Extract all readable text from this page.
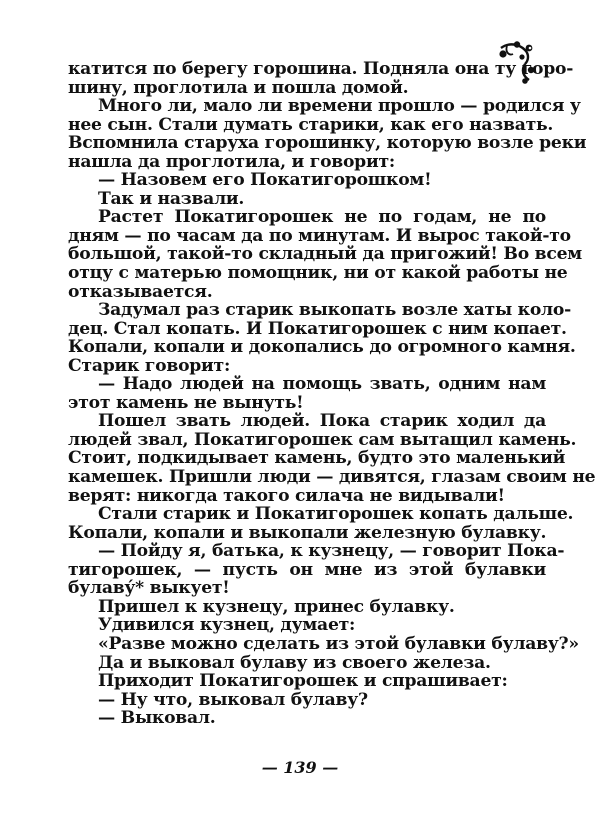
катится по берегу горошина. Подняла она ту горо-
шину, проглотила и пошла домой.
Много ли, мало ли времени прошло — родился у
нее сын. Стали думать старики, как его назвать.
Вспомнила старуха горошинку, которую возле реки
нашла да проглотила, и говорит:
— Назовем его Покатигорошком!
Так и назвали.
Растет Покатигорошек не по годам, не по
дням — по часам да по минутам. И вырос такой-то
большой, такой-то складный да пригожий! Во всем
отцу с матерью помощник, ни от какой работы не
отказывается.
Задумал раз старик выкопать возле хаты коло-
дец. Стал копать. И Покатигорошек с ним копает.
Копали, копали и докопались до огромного камня.
Старик говорит:
— Надо людей на помощь звать, одним нам
этот камень не вынуть!
Пошел звать людей. Пока старик ходил да
людей звал, Покатигорошек сам вытащил камень.
Стоит, подкидывает камень, будто это маленький
камешек. Пришли люди — дивятся, глазам своим не
верят: никогда такого силача не видывали!
Стали старик и Покатигорошек копать дальше.
Копали, копали и выкопали железную булавку.
— Пойду я, батька, к кузнецу, — говорит Пока-
тигорошек, — пусть он мне из этой булавки
булаву́* выкует!
Пришел к кузнецу, принес булавку.
Удивился кузнец, думает:
«Разве можно сделать из этой булавки булаву?»
Да и выковал булаву из своего железа.
Приходит Покатигорошек и спрашивает:
— Ну что, выковал булаву?
— Выковал.
— 139 —
